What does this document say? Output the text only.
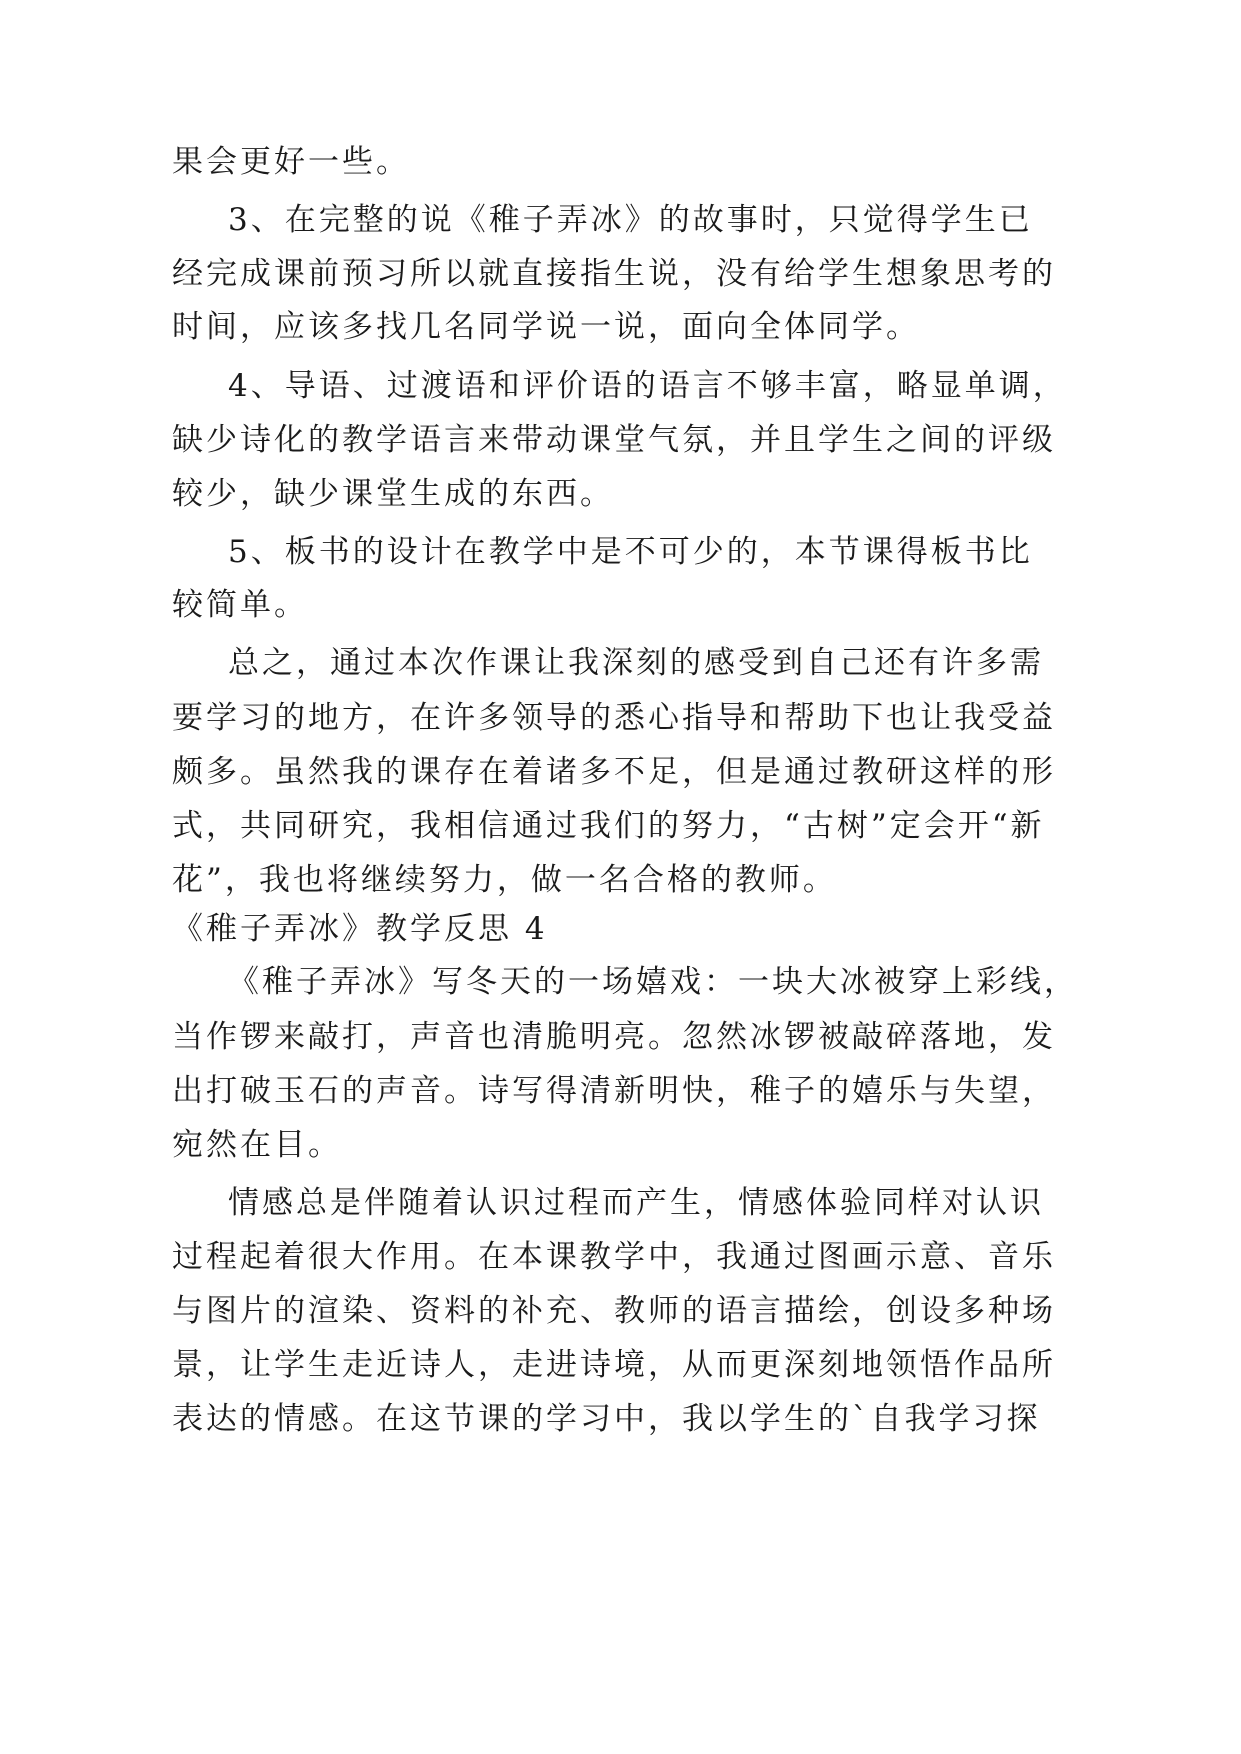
果会更好一些。
3、在完整的说《稚子弄冰》的故事时，只觉得学生已
经完成课前预习所以就直接指生说，没有给学生想象思考的
时间，应该多找几名同学说一说，面向全体同学。
4、导语、过渡语和评价语的语言不够丰富，略显单调，
缺少诗化的教学语言来带动课堂气氛，并且学生之间的评级
较少，缺少课堂生成的东西。
5、板书的设计在教学中是不可少的，本节课得板书比
较简单。
总之，通过本次作课让我深刻的感受到自己还有许多需
要学习的地方，在许多领导的悉心指导和帮助下也让我受益
颇多。虽然我的课存在着诸多不足，但是通过教研这样的形
式，共同研究，我相信通过我们的努力，“古树”定会开“新
花”，我也将继续努力，做一名合格的教师。
《稚子弄冰》教学反思 4
《稚子弄冰》写冬天的一场嬉戏：一块大冰被穿上彩线，
当作锣来敲打，声音也清脆明亮。忽然冰锣被敲碎落地，发
出打破玉石的声音。诗写得清新明快，稚子的嬉乐与失望，
宛然在目。
情感总是伴随着认识过程而产生，情感体验同样对认识
过程起着很大作用。在本课教学中，我通过图画示意、音乐
与图片的渲染、资料的补充、教师的语言描绘，创设多种场
景，让学生走近诗人，走进诗境，从而更深刻地领悟作品所
表达的情感。在这节课的学习中，我以学生的`自我学习探
